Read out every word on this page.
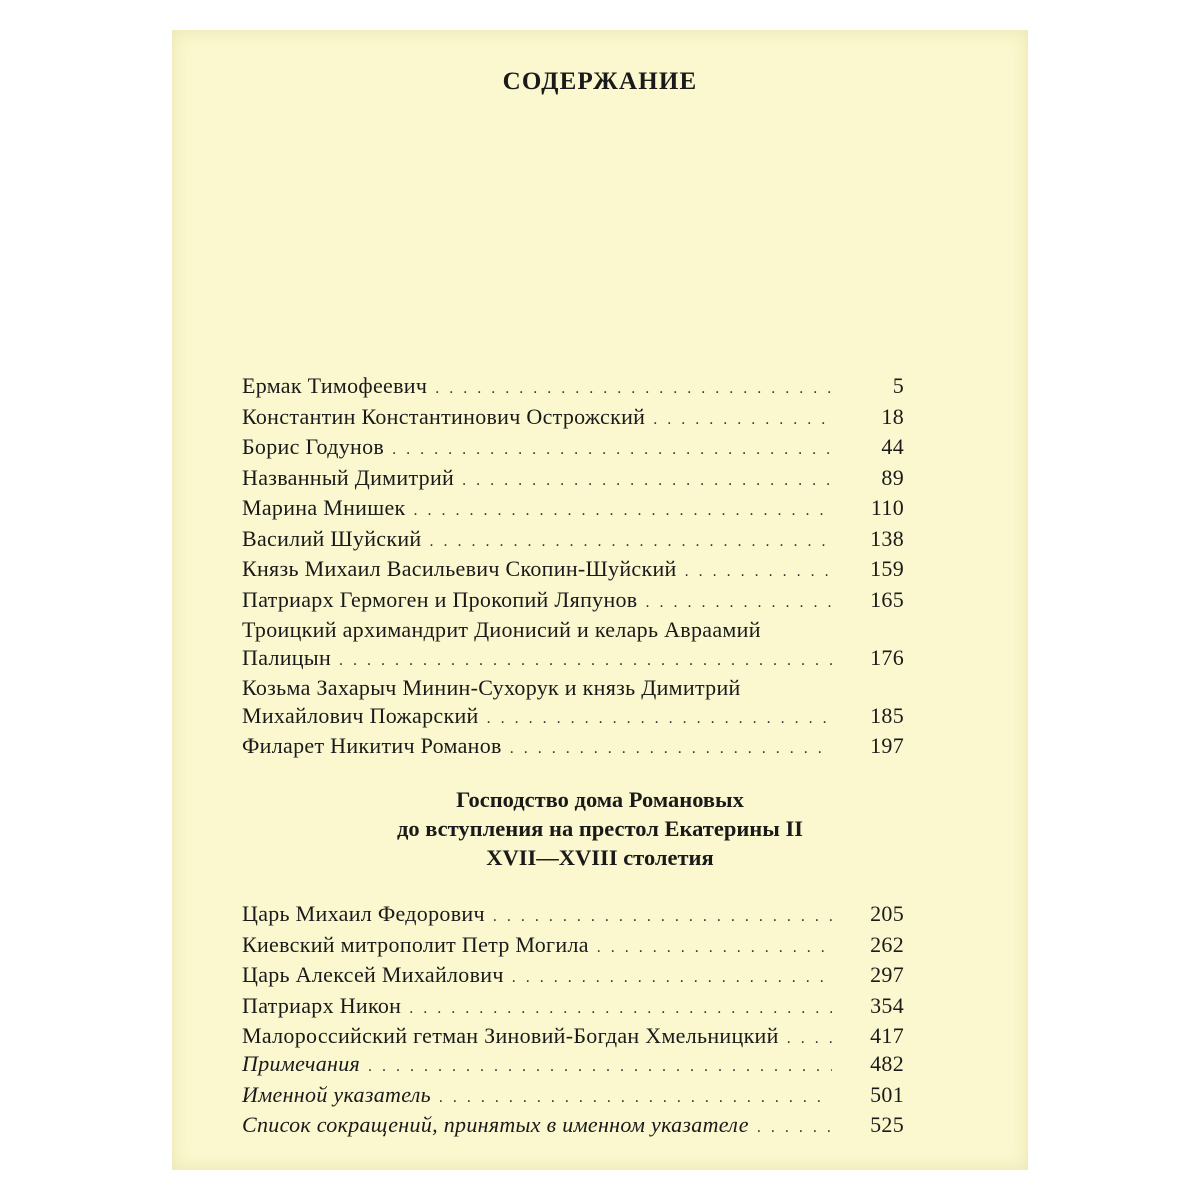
СОДЕРЖАНИЕ
Ермак Тимофеевич . . .	5
Константин Константинович Острожский . . .	18
Борис Годунов . . .	44
Названный Димитрий . . .	89
Марина Мнишек . . .	110
Василий Шуйский . . .	138
Князь Михаил Васильевич Скопин-Шуйский . . .	159
Патриарх Гермоген и Прокопий Ляпунов . . .	165
Троицкий архимандрит Дионисий и келарь Авраамий
Палицын . . .	176
Козьма Захарыч Минин-Сухорук и князь Димитрий
Михайлович Пожарский . . .	185
Филарет Никитич Романов . . .	197
Господство дома Романовых
до вступления на престол Екатерины II
XVII—XVIII столетия
Царь Михаил Федорович . . .	205
Киевский митрополит Петр Могила . . .	262
Царь Алексей Михайлович . . .	297
Патриарх Никон . . .	354
Малороссийский гетман Зиновий-Богдан Хмельницкий . . .	417
Примечания . . .	482
Именной указатель . . .	501
Список сокращений, принятых в именном указателе . . .	525
